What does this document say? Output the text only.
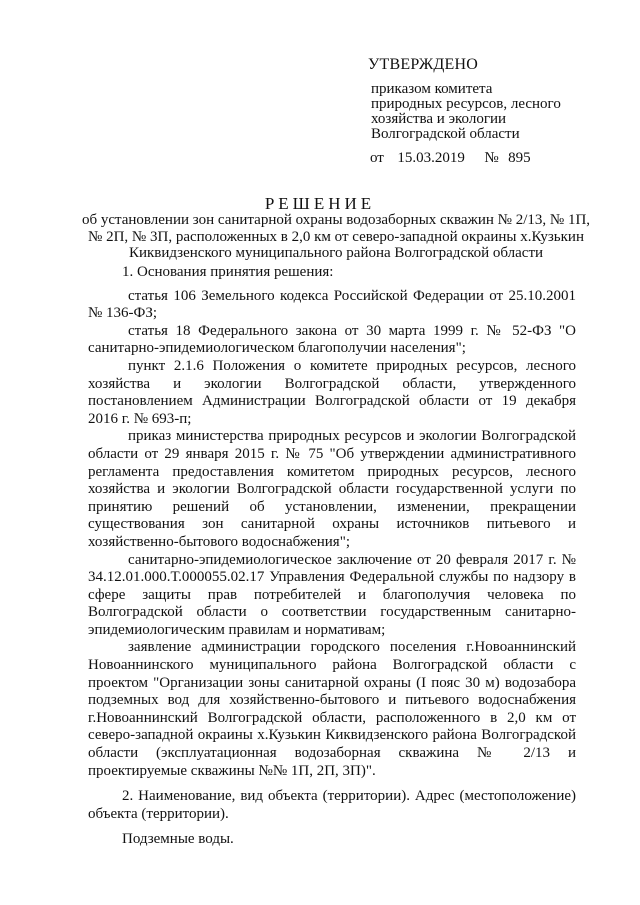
УТВЕРЖДЕНО
приказом комитета
природных ресурсов, лесного
хозяйства и экологии
Волгоградской области
от 15.03.2019 № 895
РЕШЕНИЕ
об установлении зон санитарной охраны водозаборных скважин № 2/13, № 1П, № 2П, № 3П, расположенных в 2,0 км от северо-западной окраины х.Кузькин Киквидзенского муниципального района Волгоградской области

1. Основания принятия решения:

статья 106 Земельного кодекса Российской Федерации от 25.10.2001 № 136-ФЗ;

статья 18 Федерального закона от 30 марта 1999 г. № 52-ФЗ "О санитарно-эпидемиологическом благополучии населения";

пункт 2.1.6 Положения о комитете природных ресурсов, лесного хозяйства и экологии Волгоградской области, утвержденного постановлением Администрации Волгоградской области от 19 декабря 2016 г. № 693-п;

приказ министерства природных ресурсов и экологии Волгоградской области от 29 января 2015 г. № 75 "Об утверждении административного регламента предоставления комитетом природных ресурсов, лесного хозяйства и экологии Волгоградской области государственной услуги по принятию решений об установлении, изменении, прекращении существования зон санитарной охраны источников питьевого и хозяйственно-бытового водоснабжения";

санитарно-эпидемиологическое заключение от 20 февраля 2017 г. № 34.12.01.000.Т.000055.02.17 Управления Федеральной службы по надзору в сфере защиты прав потребителей и благополучия человека по Волгоградской области о соответствии государственным санитарно-эпидемиологическим правилам и нормативам;

заявление администрации городского поселения г.Новоаннинский Новоаннинского муниципального района Волгоградской области с проектом "Организации зоны санитарной охраны (I пояс 30 м) водозабора подземных вод для хозяйственно-бытового и питьевого водоснабжения г.Новоаннинский Волгоградской области, расположенного в 2,0 км от северо-западной окраины х.Кузькин Киквидзенского района Волгоградской области (эксплуатационная водозаборная скважина № 2/13 и проектируемые скважины №№ 1П, 2П, 3П)".

2. Наименование, вид объекта (территории). Адрес (местоположение) объекта (территории).

Подземные воды.
